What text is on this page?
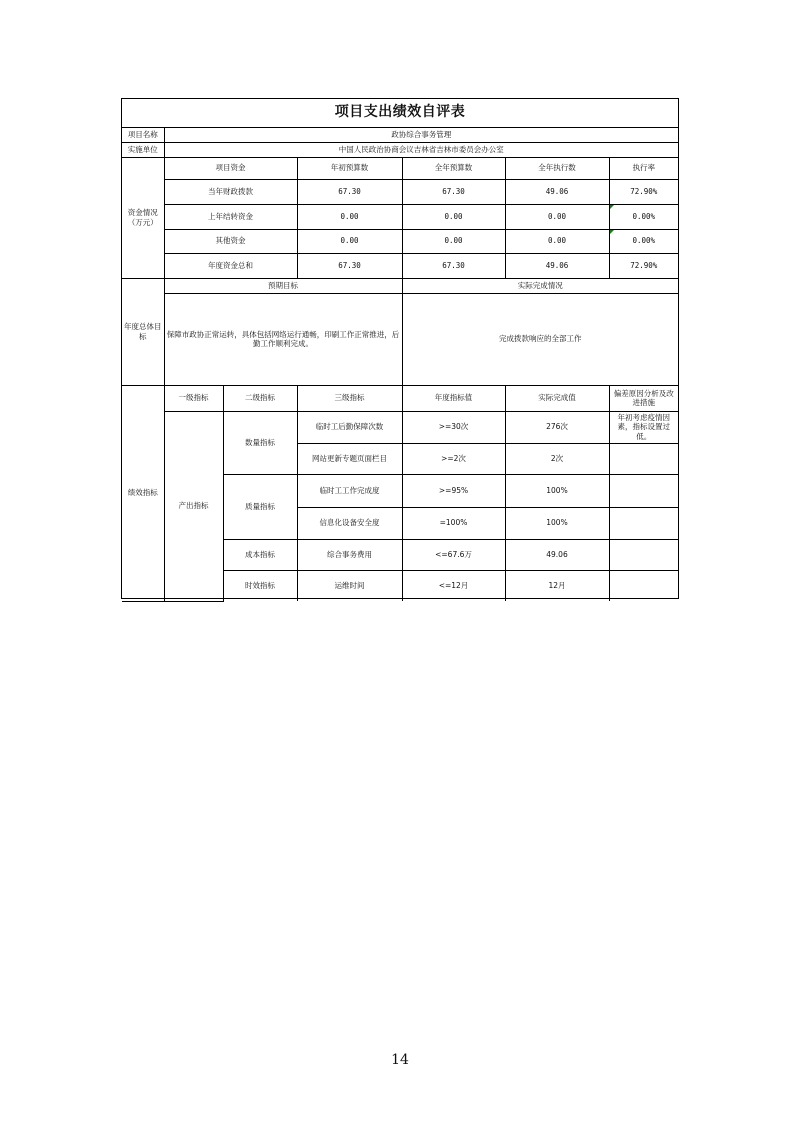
项目支出绩效自评表						
项目名称	政协综合事务管理					
实施单位	中国人民政治协商会议吉林省吉林市委员会办公室					
资金情况（万元）	项目资金		年初预算数	全年预算数	全年执行数	执行率
	当年财政拨款		67.30	67.30	49.06	72.90%
	上年结转资金		0.00	0.00	0.00	0.00%
	其他资金		0.00	0.00	0.00	0.00%
	年度资金总和		67.30	67.30	49.06	72.90%
年度总体目标	预期目标			实际完成情况		
	保障市政协正常运转，具体包括网络运行通畅，印刷工作正常推进，后勤工作顺利完成。			完成拨款响应的全部工作		
绩效指标	一级指标	二级指标	三级指标	年度指标值	实际完成值	偏差原因分析及改进措施
	产出指标	数量指标	临时工后勤保障次数	>=30次	276次	年初考虑疫情因素，指标设置过低。
			网站更新专题页面栏目	>=2次	2次	
		质量指标	临时工工作完成度	>=95%	100%	
			信息化设备安全度	=100%	100%	
		成本指标	综合事务费用	<=67.6万	49.06	
		时效指标	运维时间	<=12月	12月	
14
